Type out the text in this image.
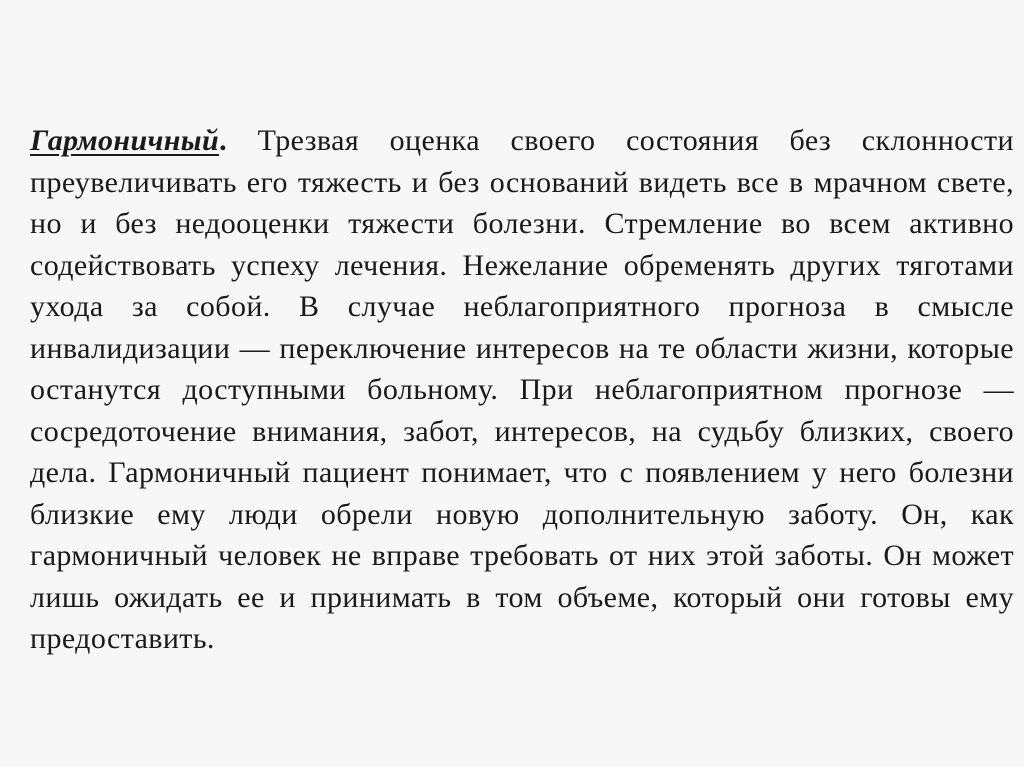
Гармоничный. Трезвая оценка своего состояния без склонности преувеличивать его тяжесть и без оснований видеть все в мрачном свете, но и без недооценки тяжести болезни. Стремление во всем активно содействовать успеху лечения. Нежелание обременять других тяготами ухода за собой. В случае неблагоприятного прогноза в смысле инвалидизации — переключение интересов на те области жизни, которые останутся доступными больному. При неблагоприятном прогнозе — сосредоточение внимания, забот, интересов, на судьбу близких, своего дела. Гармоничный пациент понимает, что с появлением у него болезни близкие ему люди обрели новую дополнительную заботу. Он, как гармоничный человек не вправе требовать от них этой заботы. Он может лишь ожидать ее и принимать в том объеме, который они готовы ему предоставить.
